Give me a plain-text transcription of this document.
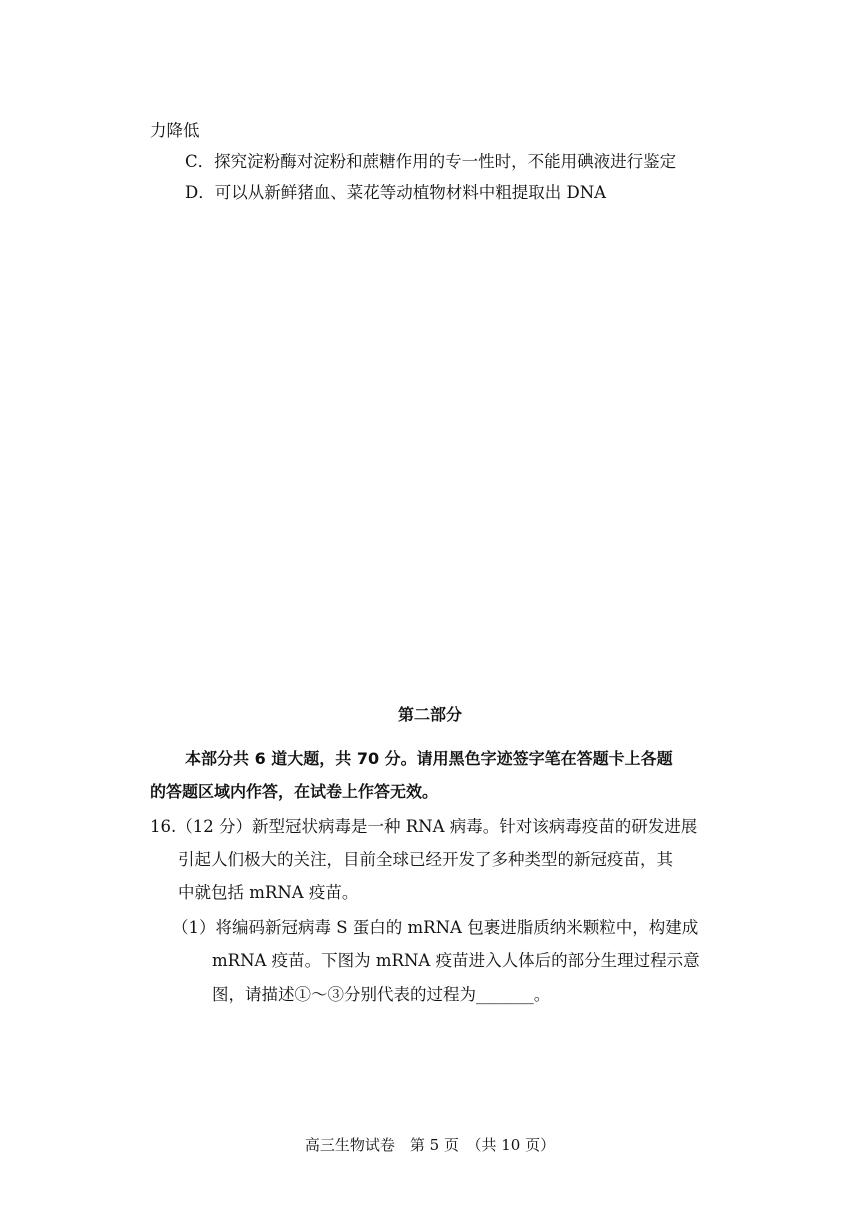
力降低
C．探究淀粉酶对淀粉和蔗糖作用的专一性时，不能用碘液进行鉴定
D．可以从新鲜猪血、菜花等动植物材料中粗提取出 DNA
第二部分
本部分共 6 道大题，共 70 分。请用黑色字迹签字笔在答题卡上各题
的答题区域内作答，在试卷上作答无效。
16.（12 分）新型冠状病毒是一种 RNA 病毒。针对该病毒疫苗的研发进展
引起人们极大的关注，目前全球已经开发了多种类型的新冠疫苗，其
中就包括 mRNA 疫苗。
（1）将编码新冠病毒 S 蛋白的 mRNA 包裹进脂质纳米颗粒中，构建成
mRNA 疫苗。下图为 mRNA 疫苗进入人体后的部分生理过程示意
图，请描述①～③分别代表的过程为_______。
高三生物试卷　第 5 页　（共 10 页）
